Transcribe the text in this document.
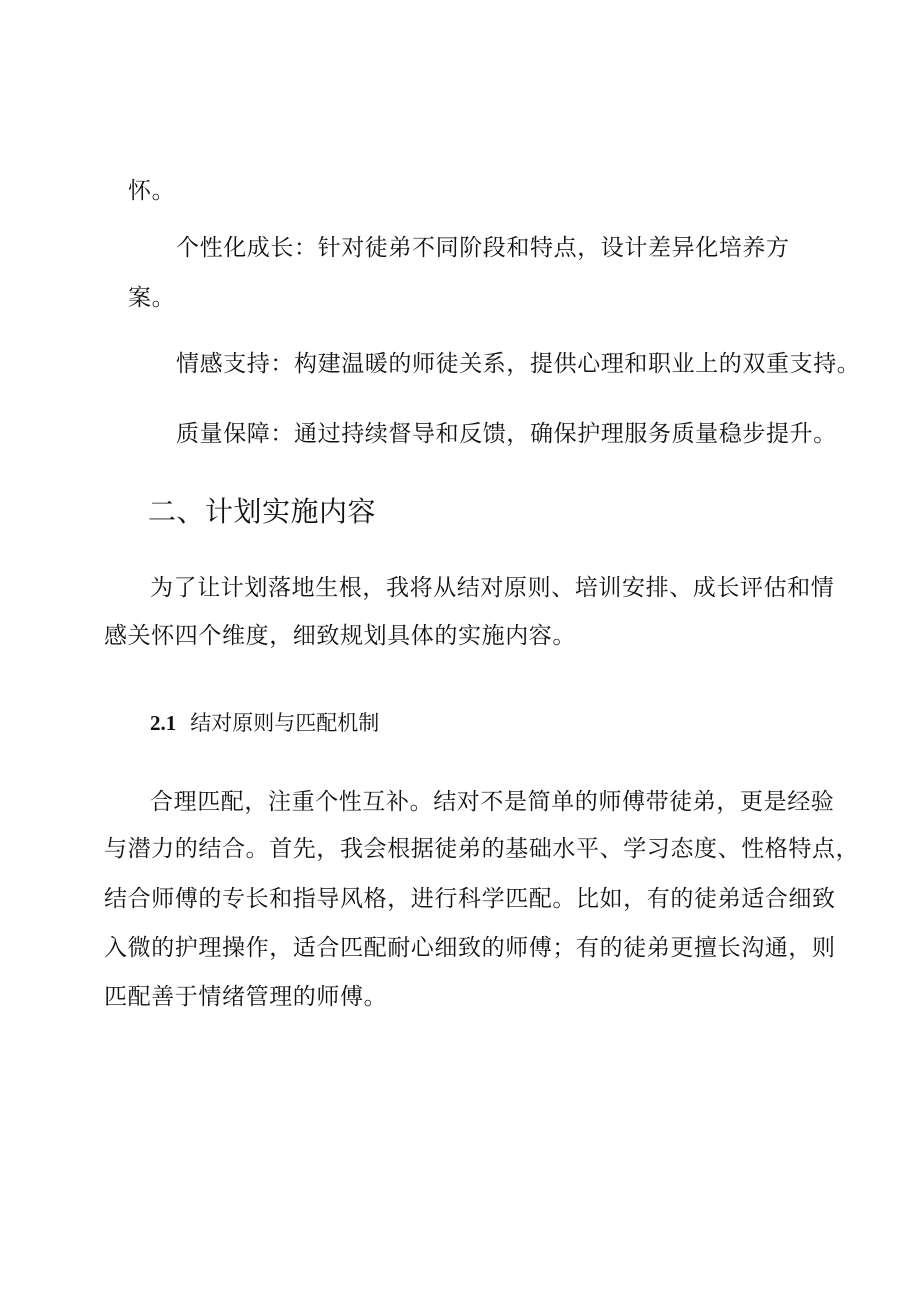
怀。
个性化成长：针对徒弟不同阶段和特点，设计差异化培养方
案。
情感支持：构建温暖的师徒关系，提供心理和职业上的双重支持。
质量保障：通过持续督导和反馈，确保护理服务质量稳步提升。
二、计划实施内容
为了让计划落地生根，我将从结对原则、培训安排、成长评估和情
感关怀四个维度，细致规划具体的实施内容。
2.1 结对原则与匹配机制
合理匹配，注重个性互补。结对不是简单的师傅带徒弟，更是经验
与潜力的结合。首先，我会根据徒弟的基础水平、学习态度、性格特点，
结合师傅的专长和指导风格，进行科学匹配。比如，有的徒弟适合细致
入微的护理操作，适合匹配耐心细致的师傅；有的徒弟更擅长沟通，则
匹配善于情绪管理的师傅。
